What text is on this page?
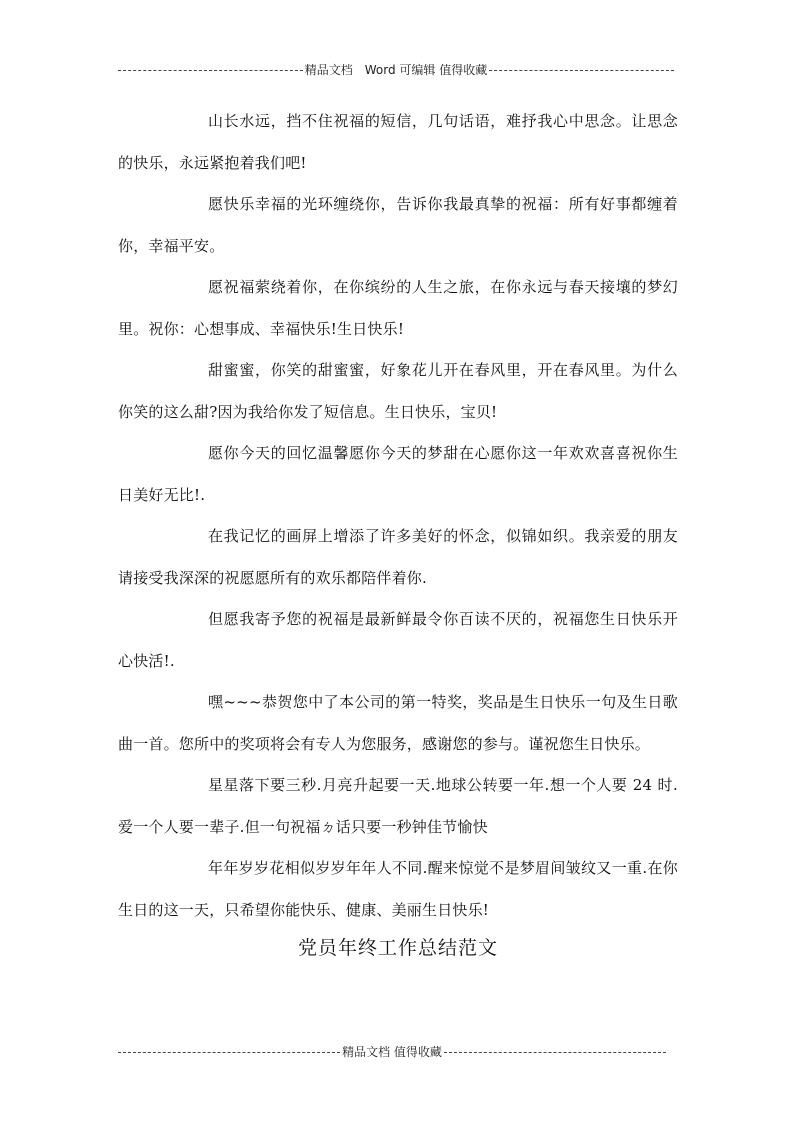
精品文档　Word 可编辑 值得收藏

山长水远，挡不住祝福的短信，几句话语，难抒我心中思念。让思念的快乐，永远紧抱着我们吧!

愿快乐幸福的光环缠绕你，告诉你我最真挚的祝福：所有好事都缠着你，幸福平安。

愿祝福萦绕着你，在你缤纷的人生之旅，在你永远与春天接壤的梦幻里。祝你：心想事成、幸福快乐!生日快乐!

甜蜜蜜，你笑的甜蜜蜜，好象花儿开在春风里，开在春风里。为什么你笑的这么甜?因为我给你发了短信息。生日快乐，宝贝!

愿你今天的回忆温馨愿你今天的梦甜在心愿你这一年欢欢喜喜祝你生日美好无比!.

在我记忆的画屏上增添了许多美好的怀念，似锦如织。我亲爱的朋友请接受我深深的祝愿愿所有的欢乐都陪伴着你.

但愿我寄予您的祝福是最新鲜最令你百读不厌的，祝福您生日快乐开心快活!.

嘿~~~恭贺您中了本公司的第一特奖，奖品是生日快乐一句及生日歌曲一首。您所中的奖项将会有专人为您服务，感谢您的参与。谨祝您生日快乐。

星星落下要三秒.月亮升起要一天.地球公转要一年.想一个人要 24 时.爱一个人要一辈子.但一句祝福ㄉ话只要一秒钟佳节愉快

年年岁岁花相似岁岁年年人不同.醒来惊觉不是梦眉间皱纹又一重.在你生日的这一天，只希望你能快乐、健康、美丽生日快乐!

党员年终工作总结范文
精品文档 值得收藏
